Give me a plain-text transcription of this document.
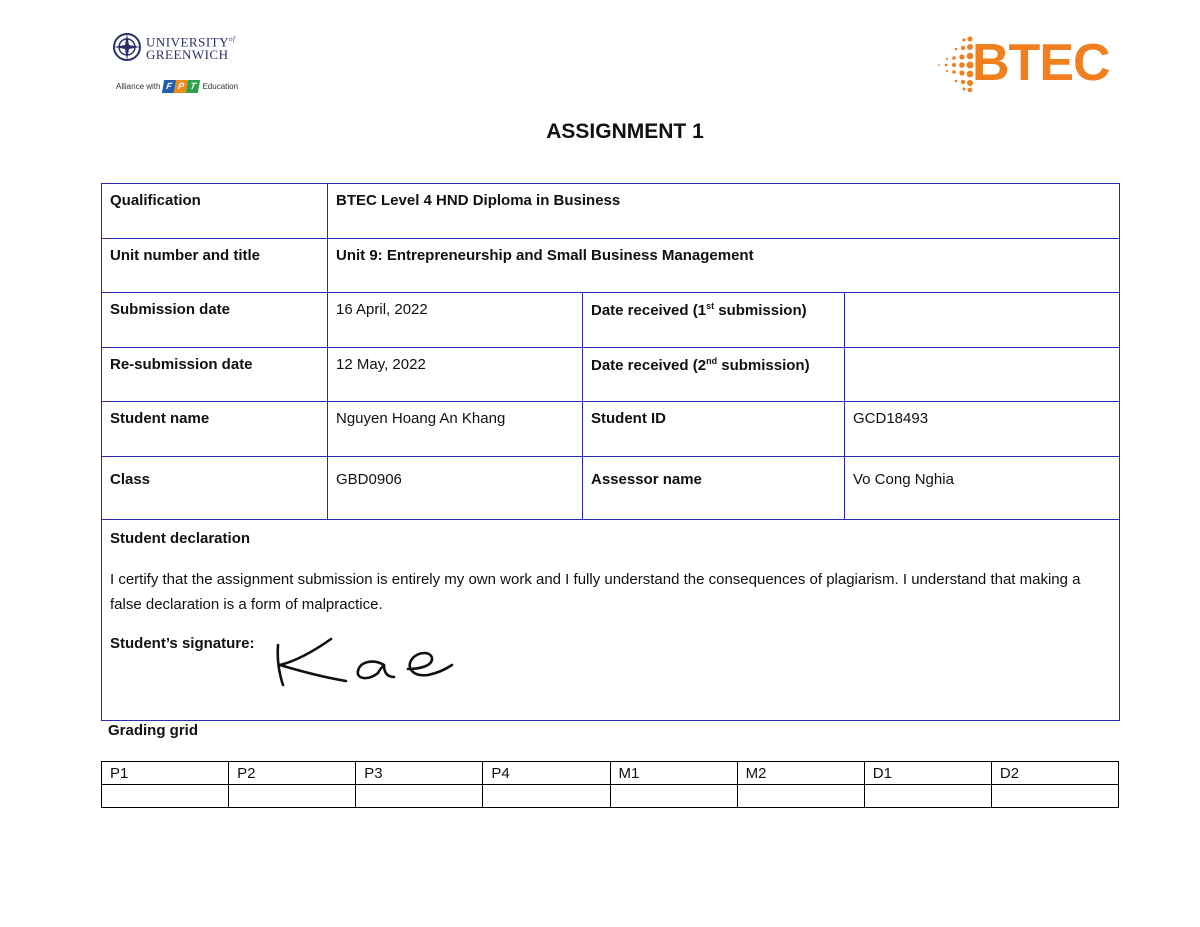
$UNIVERSITY^{of}$
GREENWICH
Alliance with F P T Education	BTEC
ASSIGNMENT 1
Qualification	BTEC Level 4 HND Diploma in Business		
Unit number and title	Unit 9: Entrepreneurship and Small Business Management		
Submission date	16 April, 2022	Date received (1st submission)	
Re-submission date	12 May, 2022	Date received (2nd submission)	
Student name	Nguyen Hoang An Khang	Student ID	GCD18493
Class	GBD0906	Assessor name	Vo Cong Nghia

Student declaration
I certify that the assignment submission is entirely my own work and I fully understand the consequences of plagiarism. I understand that making a false declaration is a form of malpractice.
Student’s signature:			
Grading grid
P1	P2	P3	P4	M1	M2	D1	D2
